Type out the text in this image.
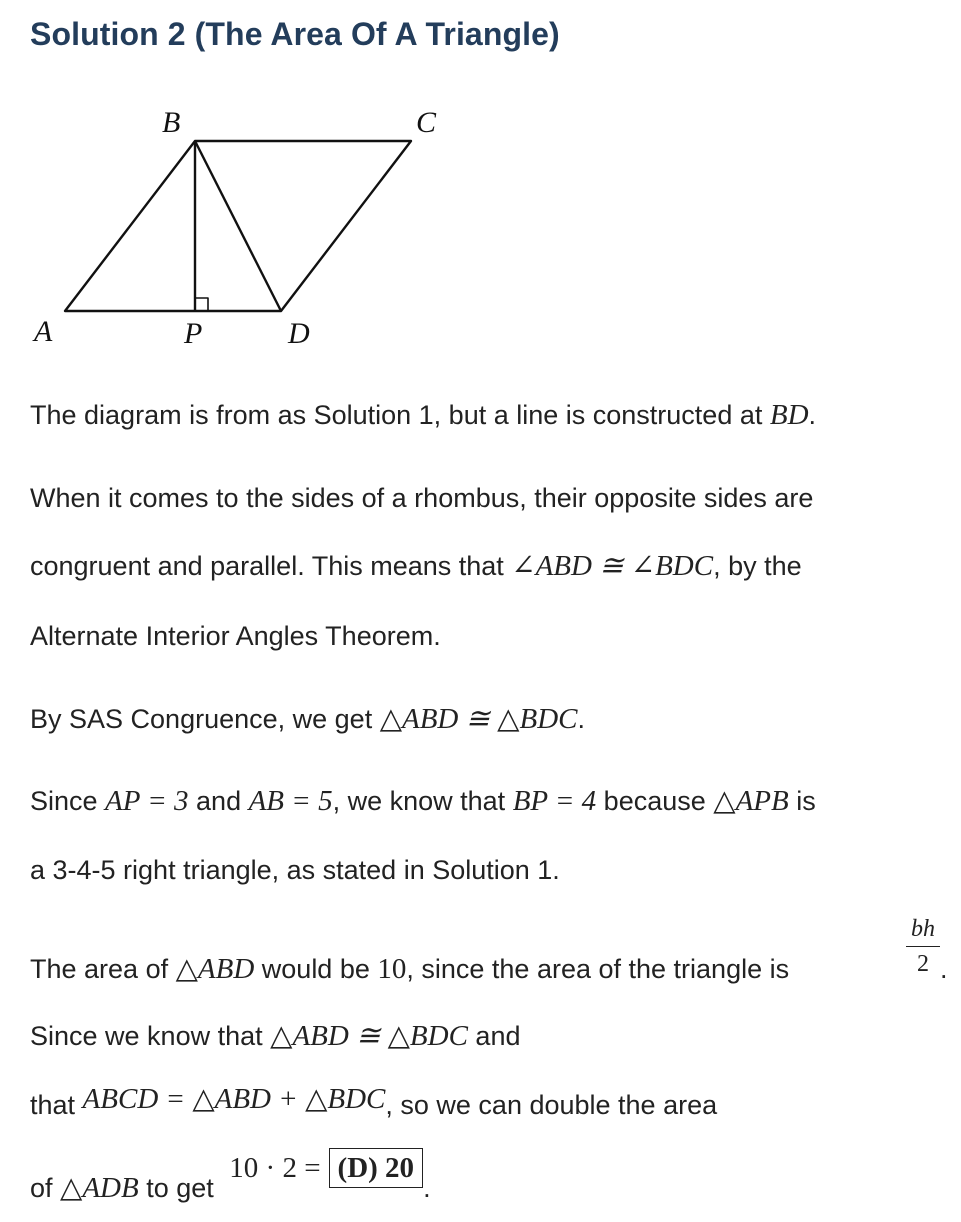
Solution 2 (The Area Of A Triangle)
B	C
A	P	D
The diagram is from as Solution 1, but a line is constructed at BD.
When it comes to the sides of a rhombus, their opposite sides are
congruent and parallel. This means that ∠ABD ≅ ∠BDC, by the
Alternate Interior Angles Theorem.
By SAS Congruence, we get △ABD ≅ △BDC.
Since AP = 3 and AB = 5, we know that BP = 4 because △APB is
a 3-4-5 right triangle, as stated in Solution 1.
The area of △ABD would be 10, since the area of the triangle is
bh
2 .
Since we know that △ABD ≅ △BDC and
that ABCD = △ABD + △BDC, so we can double the area
of △ADB to get 10 · 2 = (D) 20.
